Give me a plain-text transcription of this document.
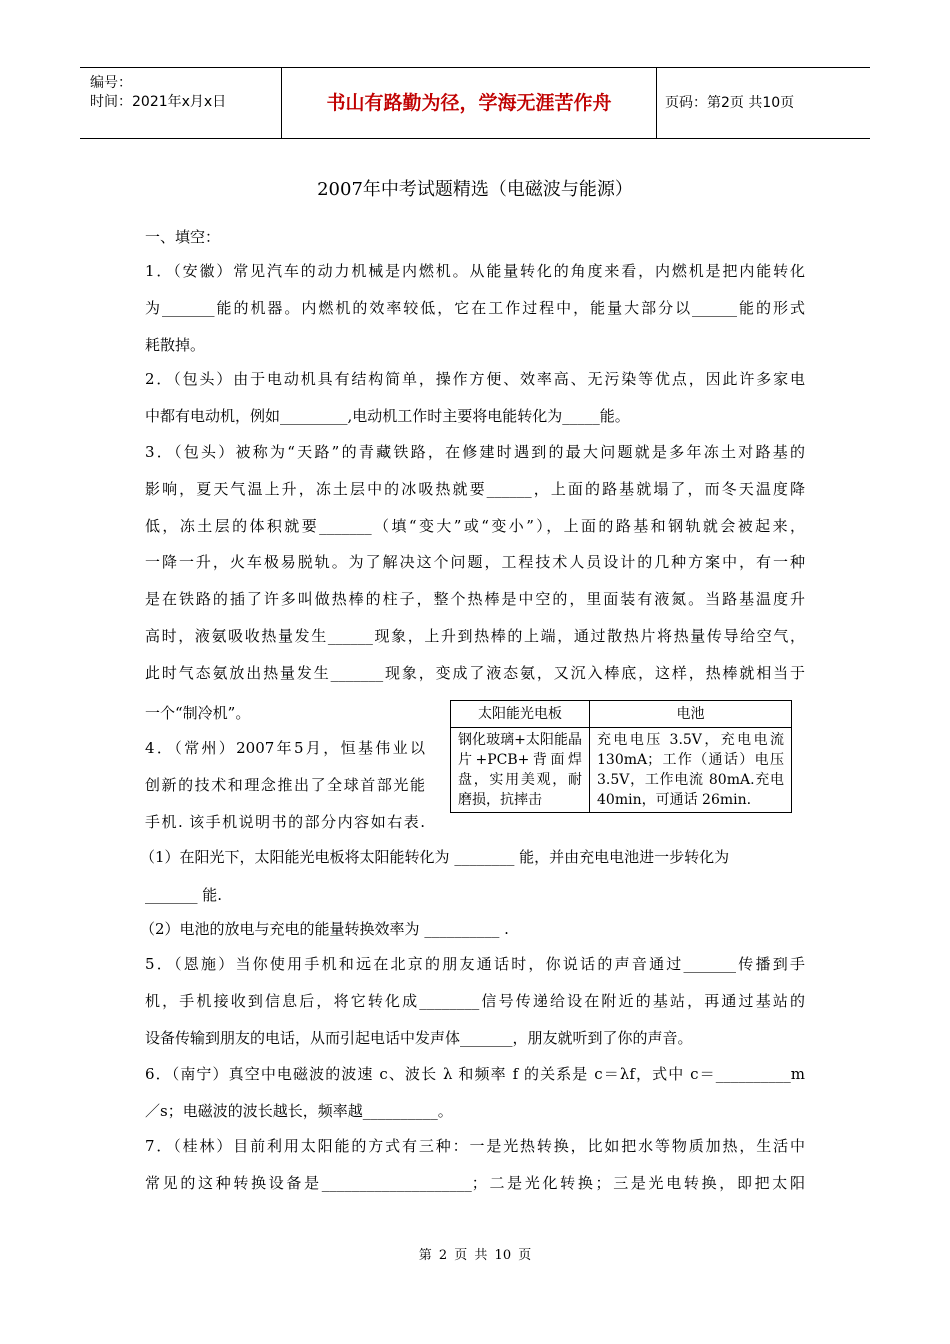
编号：
时间：2021年x月x日	书山有路勤为径，学海无涯苦作舟	页码：第2页 共10页
2007年中考试题精选（电磁波与能源）
一、填空：
1．（安徽）常见汽车的动力机械是内燃机。从能量转化的角度来看，内燃机是把内能转化
为_______能的机器。内燃机的效率较低，它在工作过程中，能量大部分以______能的形式
耗散掉。
2．（包头）由于电动机具有结构简单，操作方便、效率高、无污染等优点，因此许多家电
中都有电动机，例如_________,电动机工作时主要将电能转化为_____能。
3．（包头）被称为“天路”的青藏铁路，在修建时遇到的最大问题就是多年冻土对路基的
影响，夏天气温上升，冻土层中的冰吸热就要______，上面的路基就塌了，而冬天温度降
低，冻土层的体积就要_______（填“变大”或“变小”），上面的路基和钢轨就会被起来，
一降一升，火车极易脱轨。为了解决这个问题，工程技术人员设计的几种方案中，有一种
是在铁路的插了许多叫做热棒的柱子，整个热棒是中空的，里面装有液氮。当路基温度升
高时，液氨吸收热量发生______现象，上升到热棒的上端，通过散热片将热量传导给空气，
此时气态氨放出热量发生_______现象，变成了液态氨，又沉入棒底，这样，热棒就相当于
一个“制冷机”。
4．（常州）2007年5月，恒基伟业以
创新的技术和理念推出了全球首部光能
手机. 该手机说明书的部分内容如右表.
太阳能光电板	电池
钢化玻璃+太阳能晶片+PCB+背面焊盘，实用美观，耐磨损，抗摔击	充电电压 3.5V，充电电流 130mA；工作（通话）电压 3.5V，工作电流 80mA.充电 40min，可通话 26min.
（1）在阳光下，太阳能光电板将太阳能转化为 ________ 能，并由充电电池进一步转化为
_______ 能.
（2）电池的放电与充电的能量转换效率为 __________ .
5．（恩施）当你使用手机和远在北京的朋友通话时，你说话的声音通过_______传播到手
机，手机接收到信息后，将它转化成________信号传递给设在附近的基站，再通过基站的
设备传输到朋友的电话，从而引起电话中发声体_______，朋友就听到了你的声音。
6．（南宁）真空中电磁波的波速 c、波长 λ 和频率 f 的关系是 c＝λf，式中 c＝__________m
／s；电磁波的波长越长，频率越__________。
7．（桂林）目前利用太阳能的方式有三种：一是光热转换，比如把水等物质加热，生活中
常见的这种转换设备是____________________；二是光化转换；三是光电转换，即把太阳
第 2 页 共 10 页
